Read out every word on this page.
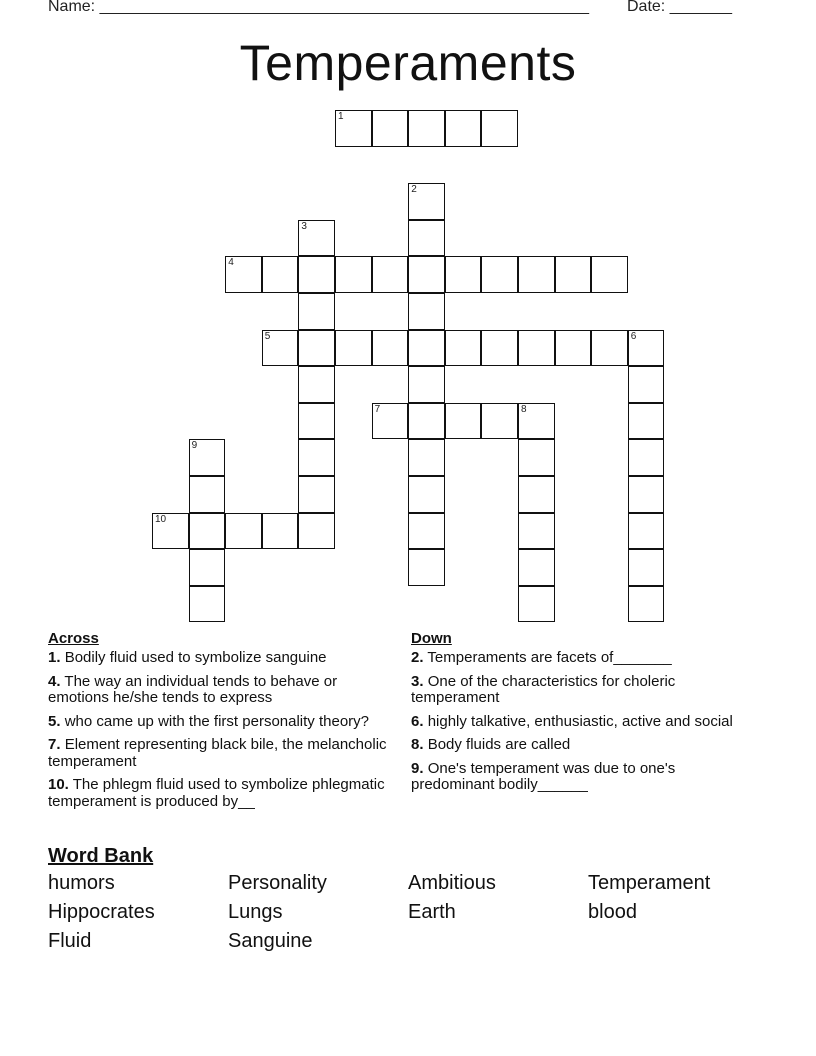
Name: _______________________________________________________ Date: _______
Temperaments
1
2
3
4
5	6
7	8
9
10
Across
1. Bodily fluid used to symbolize sanguine
4. The way an individual tends to behave or emotions he/she tends to express
5. who came up with the first personality theory?
7. Element representing black bile, the melancholic temperament
10. The phlegm fluid used to symbolize phlegmatic temperament is produced by__
Down
2. Temperaments are facets of_______
3. One of the characteristics for choleric temperament
6. highly talkative, enthusiastic, active and social
8. Body fluids are called
9. One's temperament was due to one's predominant bodily______
Word Bank
humors	Personality	Ambitious	Temperament
Hippocrates	Lungs	Earth	blood
Fluid	Sanguine
